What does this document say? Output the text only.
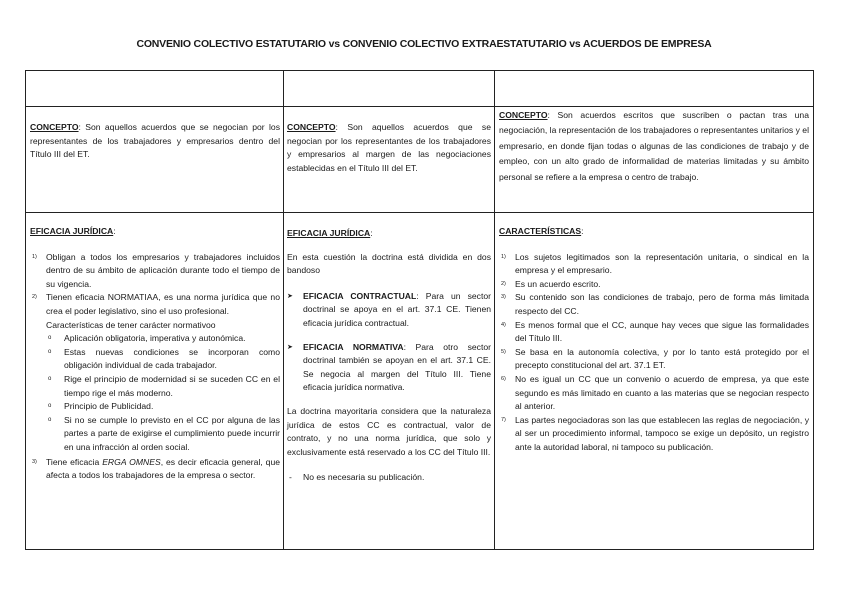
CONVENIO COLECTIVO ESTATUTARIO vs CONVENIO COLECTIVO EXTRAESTATUTARIO vs ACUERDOS DE EMPRESA
CONCEPTO: Son aquellos acuerdos que se negocian por los representantes de los trabajadores y empresarios dentro del Título III del ET.
CONCEPTO: Son aquellos acuerdos que se negocian por los representantes de los trabajadores y empresarios al margen de las negociaciones establecidas en el Título III del ET.
CONCEPTO: Son acuerdos escritos que suscriben o pactan tras una negociación, la representación de los trabajadores o representantes unitarios y el empresario, en donde fijan todas o algunas de las condiciones de trabajo y de empleo, con un alto grado de informalidad de materias limitadas y su ámbito personal se refiere a la empresa o centro de trabajo.
EFICACIA JURÍDICA:
1) Obligan a todos los empresarios y trabajadores incluidos dentro de su ámbito de aplicación durante todo el tiempo de su vigencia.
2) Tienen eficacia NORMATIAA, es una norma jurídica que no crea el poder legislativo, sino el uso profesional.
Características de tener carácter normativoo
o Aplicación obligatoria, imperativa y autonómica.
o Estas nuevas condiciones se incorporan como obligación individual de cada trabajador.
o Rige el principio de modernidad si se suceden CC en el tiempo rige el más moderno.
o Principio de Publicidad.
o Si no se cumple lo previsto en el CC por alguna de las partes a parte de exigirse el cumplimiento puede incurrir en una infracción al orden social.
3) Tiene eficacia ERGA OMNES, es decir eficacia general, que afecta a todos los trabajadores de la empresa o sector.
EFICACIA JURÍDICA:
En esta cuestión la doctrina está dividida en dos bandoso
➤ EFICACIA CONTRACTUAL: Para un sector doctrinal se apoya en el art. 37.1 CE. Tienen eficacia jurídica contractual.
➤ EFICACIA NORMATIVA: Para otro sector doctrinal también se apoyan en el art. 37.1 CE. Se negocia al margen del Título III. Tiene eficacia jurídica normativa.
La doctrina mayoritaria considera que la naturaleza jurídica de estos CC es contractual, valor de contrato, y no una norma jurídica, que solo y exclusivamente está reservado a los CC del Título III.
- No es necesaria su publicación.
CARACTERÍSTICAS:
1) Los sujetos legitimados son la representación unitaria, o sindical en la empresa y el empresario.
2) Es un acuerdo escrito.
3) Su contenido son las condiciones de trabajo, pero de forma más limitada respecto del CC.
4) Es menos formal que el CC, aunque hay veces que sigue las formalidades del Título III.
5) Se basa en la autonomía colectiva, y por lo tanto está protegido por el precepto constitucional del art. 37.1 ET.
6) No es igual un CC que un convenio o acuerdo de empresa, ya que este segundo es más limitado en cuanto a las materias que se negocian respecto al anterior.
7) Las partes negociadoras son las que establecen las reglas de negociación, y al ser un procedimiento informal, tampoco se exige un depósito, un registro ante la autoridad laboral, ni tampoco su publicación.
